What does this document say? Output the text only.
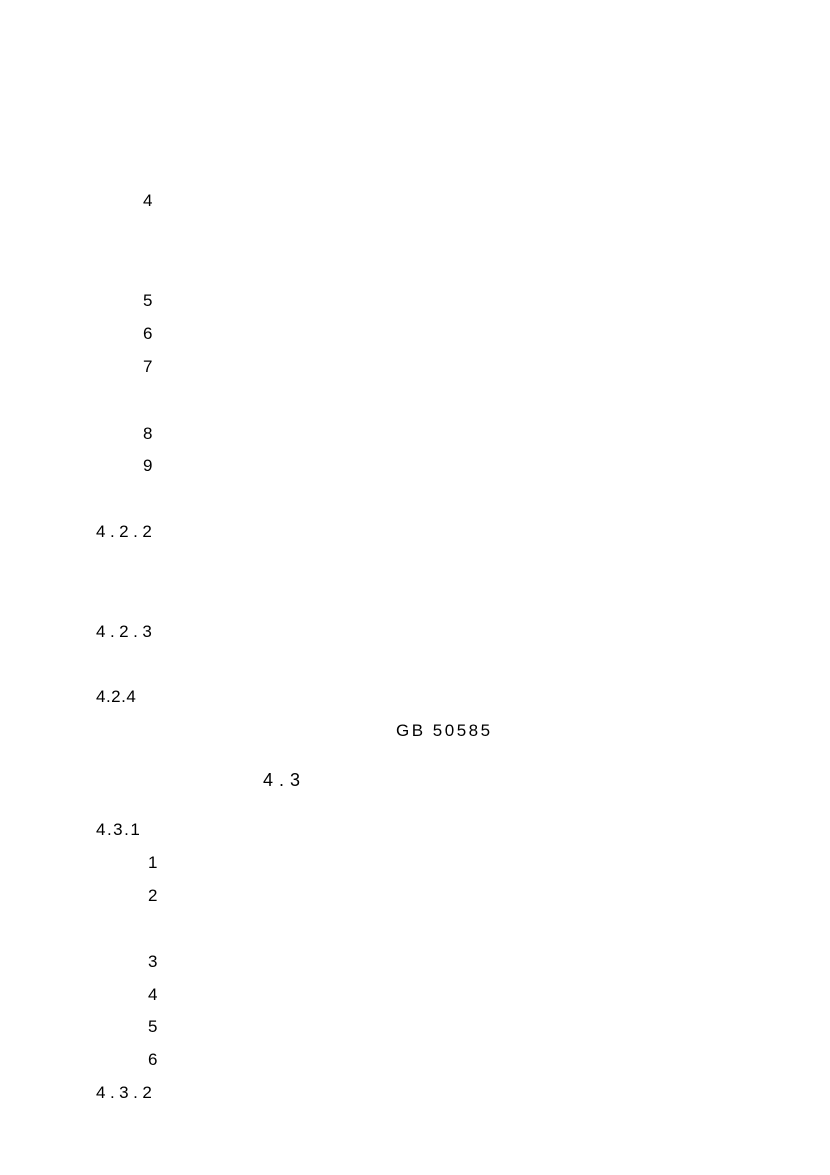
4
5
6
7
8
9
4.2.2
4.2.3
4.2.4
GB 50585
4.3
4.3.1
1
2
3
4
5
6
4.3.2
